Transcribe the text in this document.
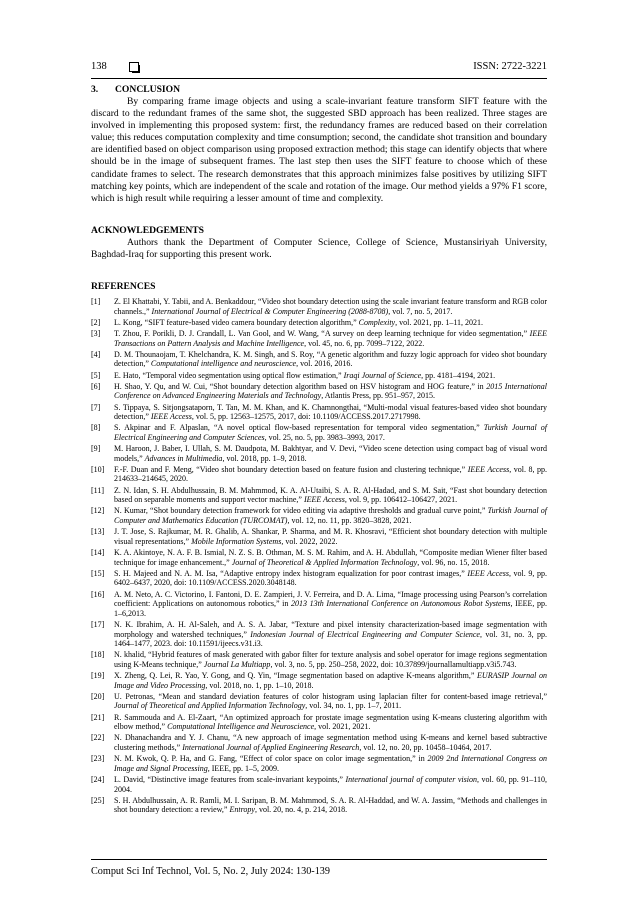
138	ISSN: 2722-3221
3. CONCLUSION

By comparing frame image objects and using a scale-invariant feature transform SIFT feature with the discard to the redundant frames of the same shot, the suggested SBD approach has been realized. Three stages are involved in implementing this proposed system: first, the redundancy frames are reduced based on their correlation value; this reduces computation complexity and time consumption; second, the candidate shot transition and boundary are identified based on object comparison using proposed extraction method; this stage can identify objects that where should be in the image of subsequent frames. The last step then uses the SIFT feature to choose which of these candidate frames to select. The research demonstrates that this approach minimizes false positives by utilizing SIFT matching key points, which are independent of the scale and rotation of the image. Our method yields a 97% F1 score, which is high result while requiring a lesser amount of time and complexity.

ACKNOWLEDGEMENTS

Authors thank the Department of Computer Science, College of Science, Mustansiriyah University, Baghdad-Iraq for supporting this present work.

REFERENCES
[1]	Z. El Khattabi, Y. Tabii, and A. Benkaddour, “Video shot boundary detection using the scale invariant feature transform and RGB color channels.,” International Journal of Electrical & Computer Engineering (2088-8708), vol. 7, no. 5, 2017.
[2]	L. Kong, “SIFT feature-based video camera boundary detection algorithm,” Complexity, vol. 2021, pp. 1–11, 2021.
[3]	T. Zhou, F. Porikli, D. J. Crandall, L. Van Gool, and W. Wang, “A survey on deep learning technique for video segmentation,” IEEE Transactions on Pattern Analysis and Machine Intelligence, vol. 45, no. 6, pp. 7099–7122, 2022.
[4]	D. M. Thounaojam, T. Khelchandra, K. M. Singh, and S. Roy, “A genetic algorithm and fuzzy logic approach for video shot boundary detection,” Computational intelligence and neuroscience, vol. 2016, 2016.
[5]	E. Hato, “Temporal video segmentation using optical flow estimation,” Iraqi Journal of Science, pp. 4181–4194, 2021.
[6]	H. Shao, Y. Qu, and W. Cui, “Shot boundary detection algorithm based on HSV histogram and HOG feature,” in 2015 International Conference on Advanced Engineering Materials and Technology, Atlantis Press, pp. 951–957, 2015.
[7]	S. Tippaya, S. Sitjongsataporn, T. Tan, M. M. Khan, and K. Chamnongthai, “Multi-modal visual features-based video shot boundary detection,” IEEE Access, vol. 5, pp. 12563–12575, 2017, doi: 10.1109/ACCESS.2017.2717998.
[8]	S. Akpinar and F. Alpaslan, “A novel optical flow-based representation for temporal video segmentation,” Turkish Journal of Electrical Engineering and Computer Sciences, vol. 25, no. 5, pp. 3983–3993, 2017.
[9]	M. Haroon, J. Baber, I. Ullah, S. M. Daudpota, M. Bakhtyar, and V. Devi, “Video scene detection using compact bag of visual word models,” Advances in Multimedia, vol. 2018, pp. 1–9, 2018.
[10]	F.-F. Duan and F. Meng, “Video shot boundary detection based on feature fusion and clustering technique,” IEEE Access, vol. 8, pp. 214633–214645, 2020.
[11]	Z. N. Idan, S. H. Abdulhussain, B. M. Mahmmod, K. A. Al-Utaibi, S. A. R. Al-Hadad, and S. M. Sait, “Fast shot boundary detection based on separable moments and support vector machine,” IEEE Access, vol. 9, pp. 106412–106427, 2021.
[12]	N. Kumar, “Shot boundary detection framework for video editing via adaptive thresholds and gradual curve point,” Turkish Journal of Computer and Mathematics Education (TURCOMAT), vol. 12, no. 11, pp. 3820–3828, 2021.
[13]	J. T. Jose, S. Rajkumar, M. R. Ghalib, A. Shankar, P. Sharma, and M. R. Khosravi, “Efficient shot boundary detection with multiple visual representations,” Mobile Information Systems, vol. 2022, 2022.
[14]	K. A. Akintoye, N. A. F. B. Ismial, N. Z. S. B. Othman, M. S. M. Rahim, and A. H. Abdullah, “Composite median Wiener filter based technique for image enhancement.,” Journal of Theoretical & Applied Information Technology, vol. 96, no. 15, 2018.
[15]	S. H. Majeed and N. A. M. Isa, “Adaptive entropy index histogram equalization for poor contrast images,” IEEE Access, vol. 9, pp. 6402–6437, 2020, doi: 10.1109/ACCESS.2020.3048148.
[16]	A. M. Neto, A. C. Victorino, I. Fantoni, D. E. Zampieri, J. V. Ferreira, and D. A. Lima, “Image processing using Pearson’s correlation coefficient: Applications on autonomous robotics,” in 2013 13th International Conference on Autonomous Robot Systems, IEEE, pp. 1–6,2013.
[17]	N. K. Ibrahim, A. H. Al-Saleh, and A. S. A. Jabar, “Texture and pixel intensity characterization-based image segmentation with morphology and watershed techniques,” Indonesian Journal of Electrical Engineering and Computer Science, vol. 31, no. 3, pp. 1464–1477, 2023. doi: 10.11591/ijeecs.v31.i3.
[18]	N. khalid, “Hybrid features of mask generated with gabor filter for texture analysis and sobel operator for image regions segmentation using K-Means technique,” Journal La Multiapp, vol. 3, no. 5, pp. 250–258, 2022, doi: 10.37899/journallamultiapp.v3i5.743.
[19]	X. Zheng, Q. Lei, R. Yao, Y. Gong, and Q. Yin, “Image segmentation based on adaptive K-means algorithm,” EURASIP Journal on Image and Video Processing, vol. 2018, no. 1, pp. 1–10, 2018.
[20]	U. Petronas, “Mean and standard deviation features of color histogram using laplacian filter for content-based image retrieval,” Journal of Theoretical and Applied Information Technology, vol. 34, no. 1, pp. 1–7, 2011.
[21]	R. Sammouda and A. El-Zaart, “An optimized approach for prostate image segmentation using K-means clustering algorithm with elbow method,” Computational Intelligence and Neuroscience, vol. 2021, 2021.
[22]	N. Dhanachandra and Y. J. Chanu, “A new approach of image segmentation method using K-means and kernel based subtractive clustering methods,” International Journal of Applied Engineering Research, vol. 12, no. 20, pp. 10458–10464, 2017.
[23]	N. M. Kwok, Q. P. Ha, and G. Fang, “Effect of color space on color image segmentation,” in 2009 2nd International Congress on Image and Signal Processing, IEEE, pp. 1–5, 2009.
[24]	L. David, “Distinctive image features from scale-invariant keypoints,” International journal of computer vision, vol. 60, pp. 91–110, 2004.
[25]	S. H. Abdulhussain, A. R. Ramli, M. I. Saripan, B. M. Mahmmod, S. A. R. Al-Haddad, and W. A. Jassim, “Methods and challenges in shot boundary detection: a review,” Entropy, vol. 20, no. 4, p. 214, 2018.
Comput Sci Inf Technol, Vol. 5, No. 2, July 2024: 130-139
